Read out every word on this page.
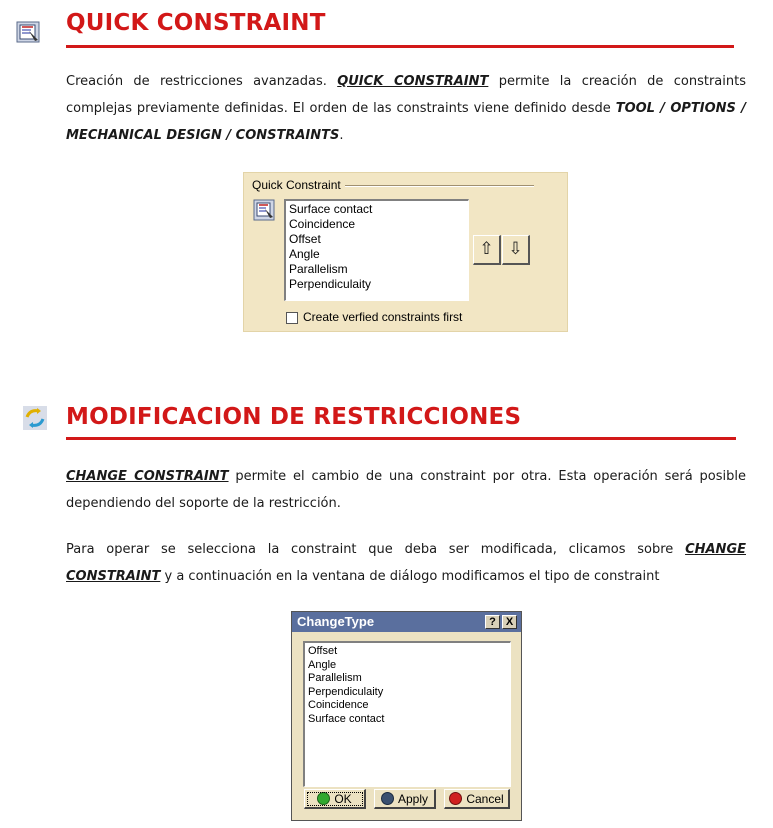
QUICK CONSTRAINT
Creación de restricciones avanzadas. QUICK CONSTRAINT permite la creación de constraints complejas previamente definidas. El orden de las constraints viene definido desde TOOL / OPTIONS / MECHANICAL DESIGN / CONSTRAINTS.
Quick Constraint
Surface contact
Coincidence
Offset
Angle
Parallelism
Perpendiculaity
⇧ ⇩
Create verfied constraints first
MODIFICACION DE RESTRICCIONES
CHANGE CONSTRAINT permite el cambio de una constraint por otra. Esta operación será posible dependiendo del soporte de la restricción.
Para operar se selecciona la constraint que deba ser modificada, clicamos sobre CHANGE CONSTRAINT y a continuación en la ventana de diálogo modificamos el tipo de constraint
ChangeType	? X
Offset
Angle
Parallelism
Perpendiculaity
Coincidence
Surface contact
OK	Apply	Cancel
